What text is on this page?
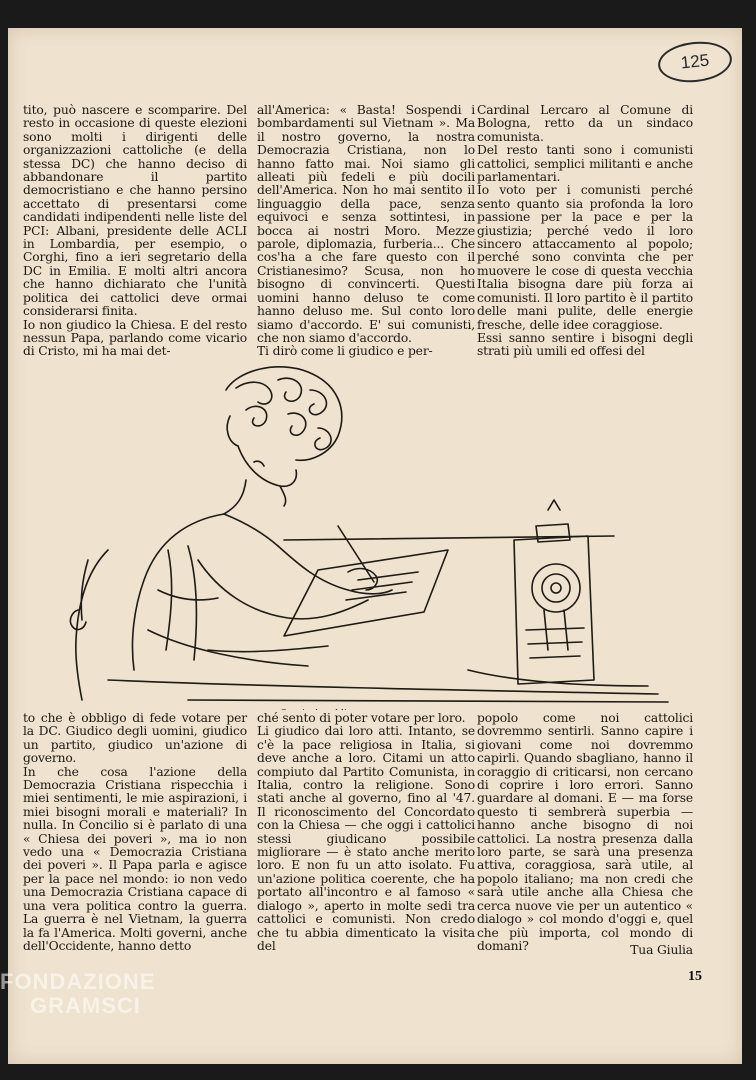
125

tito, può nascere e scomparire. Del resto in occasione di queste elezioni sono molti i dirigenti delle organizzazioni cattoliche (e della stessa DC) che hanno deciso di abbandonare il partito democristiano e che hanno persino accettato di presentarsi come candidati indipendenti nelle liste del PCI: Albani, presidente delle ACLI in Lombardia, per esempio, o Corghi, fino a ieri segretario della DC in Emilia. E molti altri ancora che hanno dichiarato che l'unità politica dei cattolici deve ormai considerarsi finita.
Io non giudico la Chiesa. E del resto nessun Papa, parlando come vicario di Cristo, mi ha mai det-

all'America: « Basta! Sospendi i bombardamenti sul Vietnam ». Ma il nostro governo, la nostra Democrazia Cristiana, non lo hanno fatto mai. Noi siamo gli alleati più fedeli e più docili dell'America. Non ho mai sentito il linguaggio della pace, senza equivoci e senza sottintesi, in bocca ai nostri Moro. Mezze parole, diplomazia, furberia... Che cos'ha a che fare questo con il Cristianesimo? Scusa, non ho bisogno di convincerti. Questi uomini hanno deluso te come hanno deluso me. Sul conto loro siamo d'accordo. E' sui comunisti, che non siamo d'accordo.
Ti dirò come li giudico e per-

Cardinal Lercaro al Comune di Bologna, retto da un sindaco comunista.
Del resto tanti sono i comunisti cattolici, semplici militanti e anche parlamentari.
Io voto per i comunisti perché sento quanto sia profonda la loro passione per la pace e per la giustizia; perché vedo il loro sincero attaccamento al popolo; perché sono convinta che per muovere le cose di questa vecchia Italia bisogna dare più forza ai comunisti. Il loro partito è il partito delle mani pulite, delle energie fresche, delle idee coraggiose.
Essi sanno sentire i bisogni degli strati più umili ed offesi del

to che è obbligo di fede votare per la DC. Giudico degli uomini, giudico un partito, giudico un'azione di governo.
In che cosa l'azione della Democrazia Cristiana rispecchia i miei sentimenti, le mie aspirazioni, i miei bisogni morali e materiali? In nulla. In Concilio si è parlato di una « Chiesa dei poveri », ma io non vedo una « Democrazia Cristiana dei poveri ». Il Papa parla e agisce per la pace nel mondo: io non vedo una Democrazia Cristiana capace di una vera politica contro la guerra. La guerra è nel Vietnam, la guerra la fa l'America. Molti governi, anche dell'Occidente, hanno detto

ché sento di poter votare per loro.
Li giudico dai loro atti. Intanto, se c'è la pace religiosa in Italia, si deve anche a loro. Citami un atto compiuto dal Partito Comunista, in Italia, contro la religione. Sono stati anche al governo, fino al '47. Il riconoscimento del Concordato con la Chiesa — che oggi i cattolici stessi giudicano possibile migliorare — è stato anche merito loro. E non fu un atto isolato. Fu un'azione politica coerente, che ha portato all'incontro e al famoso « dialogo », aperto in molte sedi tra cattolici e comunisti. Non credo che tu abbia dimenticato la visita del

popolo come noi cattolici dovremmo sentirli. Sanno capire i giovani come noi dovremmo capirli. Quando sbagliano, hanno il coraggio di criticarsi, non cercano di coprire i loro errori. Sanno guardare al domani. E — ma forse questo ti sembrerà superbia — hanno anche bisogno di noi cattolici. La nostra presenza dalla loro parte, se sarà una presenza attiva, coraggiosa, sarà utile, al popolo italiano; ma non credi che sarà utile anche alla Chiesa che cerca nuove vie per un autentico « dialogo » col mondo d'oggi e, quel che più importa, col mondo di domani?	Tua Giulia

15
FONDAZIONE
GRAMSCI
